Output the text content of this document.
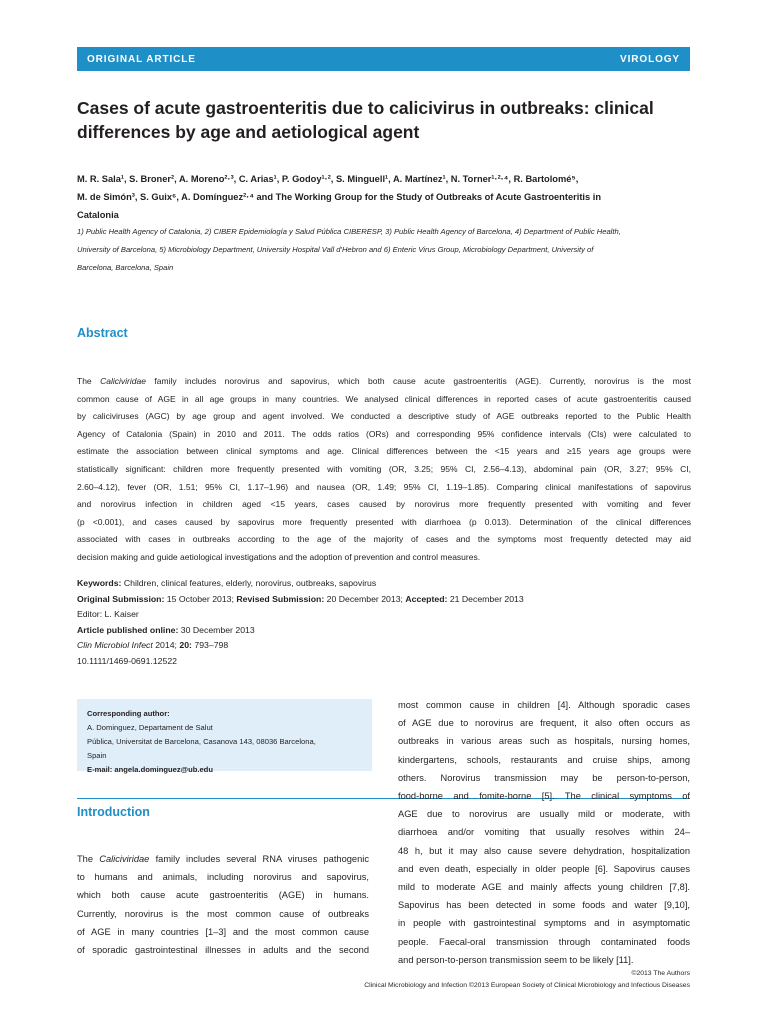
ORIGINAL ARTICLE	VIROLOGY
Cases of acute gastroenteritis due to calicivirus in outbreaks: clinical
differences by age and aetiological agent
M. R. Sala¹, S. Broner², A. Moreno²·³, C. Arias¹, P. Godoy¹·², S. Minguell¹, A. Martínez¹, N. Torner¹·²·⁴, R. Bartolomé⁵,
M. de Simón³, S. Guix⁶, A. Domínguez²·⁴ and The Working Group for the Study of Outbreaks of Acute Gastroenteritis in
Catalonia
1) Public Health Agency of Catalonia, 2) CIBER Epidemiología y Salud Pública CIBERESP, 3) Public Health Agency of Barcelona, 4) Department of Public Health,
University of Barcelona, 5) Microbiology Department, University Hospital Vall d'Hebron and 6) Enteric Virus Group, Microbiology Department, University of
Barcelona, Barcelona, Spain
Abstract
The Caliciviridae family includes norovirus and sapovirus, which both cause acute gastroenteritis (AGE). Currently, norovirus is the most
common cause of AGE in all age groups in many countries. We analysed clinical differences in reported cases of acute gastroenteritis caused
by caliciviruses (AGC) by age group and agent involved. We conducted a descriptive study of AGE outbreaks reported to the Public Health
Agency of Catalonia (Spain) in 2010 and 2011. The odds ratios (ORs) and corresponding 95% confidence intervals (CIs) were calculated to
estimate the association between clinical symptoms and age. Clinical differences between the <15 years and ≥15 years age groups were
statistically significant: children more frequently presented with vomiting (OR, 3.25; 95% CI, 2.56–4.13), abdominal pain (OR, 3.27; 95% CI,
2.60–4.12), fever (OR, 1.51; 95% CI, 1.17–1.96) and nausea (OR, 1.49; 95% CI, 1.19–1.85). Comparing clinical manifestations of sapovirus
and norovirus infection in children aged <15 years, cases caused by norovirus more frequently presented with vomiting and fever
(p <0.001), and cases caused by sapovirus more frequently presented with diarrhoea (p 0.013). Determination of the clinical differences
associated with cases in outbreaks according to the age of the majority of cases and the symptoms most frequently detected may aid
decision making and guide aetiological investigations and the adoption of prevention and control measures.
Keywords: Children, clinical features, elderly, norovirus, outbreaks, sapovirus
Original Submission: 15 October 2013; Revised Submission: 20 December 2013; Accepted: 21 December 2013
Editor: L. Kaiser
Article published online: 30 December 2013
Clin Microbiol Infect 2014; 20: 793–798
10.1111/1469-0691.12522
Corresponding author:
A. Dominguez, Departament de Salut
Pública, Universitat de Barcelona, Casanova 143, 08036 Barcelona,
Spain
E-mail: angela.dominguez@ub.edu
Introduction
The Caliciviridae family includes several RNA viruses pathogenic
to humans and animals, including norovirus and sapovirus,
which both cause acute gastroenteritis (AGE) in humans.
Currently, norovirus is the most common cause of outbreaks
of AGE in many countries [1–3] and the most common cause
of sporadic gastrointestinal illnesses in adults and the second
most common cause in children [4]. Although sporadic cases
of AGE due to norovirus are frequent, it also often occurs as
outbreaks in various areas such as hospitals, nursing homes,
kindergartens, schools, restaurants and cruise ships, among
others. Norovirus transmission may be person-to-person,
food-borne and fomite-borne [5]. The clinical symptoms of
AGE due to norovirus are usually mild or moderate, with
diarrhoea and/or vomiting that usually resolves within 24–
48 h, but it may also cause severe dehydration, hospitalization
and even death, especially in older people [6]. Sapovirus causes
mild to moderate AGE and mainly affects young children [7,8].
Sapovirus has been detected in some foods and water [9,10],
in people with gastrointestinal symptoms and in asymptomatic
people. Faecal-oral transmission through contaminated foods
and person-to-person transmission seem to be likely [11].
©2013 The Authors
Clinical Microbiology and Infection ©2013 European Society of Clinical Microbiology and Infectious Diseases
